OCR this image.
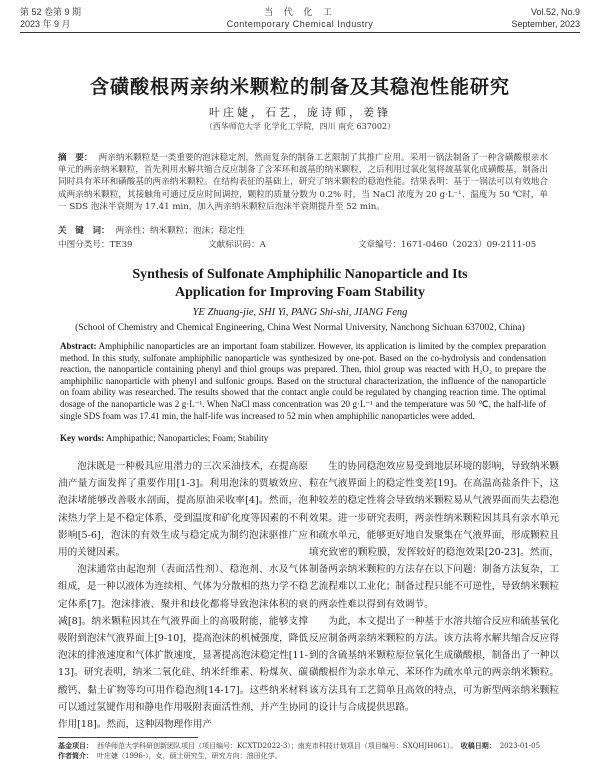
第 52 卷第 9 期
2023 年 9 月
当 代 化 工
Contemporary Chemical Industry
Vol.52, No.9
September, 2023
含磺酸根两亲纳米颗粒的制备及其稳泡性能研究
叶庄婕，石艺，庞诗师，姜锋
（西华师范大学 化学化工学院，四川 南充 637002）
摘　要： 两亲纳米颗粒是一类重要的泡沫稳定剂，然而复杂的制备工艺限制了其推广应用。采用一锅法制备了一种含磺酸根亲水单元的两亲纳米颗粒，首先利用水解共缩合反应制备了含苯环和巯基的纳米颗粒，之后利用过氧化氢将巯基氧化成磺酸基，制备出同时具有苯环和磺酸基的两亲纳米颗粒。在结构表征的基础上，研究了纳米颗粒的稳泡性能。结果表明：基于一锅法可以有效地合成两亲纳米颗粒，其接触角可通过反应时间调控，颗粒的质量分数为 0.2% 时，当 NaCl 浓度为 20 g·L⁻¹、温度为 50 ℃时，单一 SDS 泡沫半衰期为 17.41 min，加入两亲纳米颗粒后泡沫半衰期提升至 52 min。
关　键　词： 两亲性；纳米颗粒；泡沫；稳定性
中图分类号：TE39	文献标识码：A	文章编号：1671-0460（2023）09-2111-05
Synthesis of Sulfonate Amphiphilic Nanoparticle and Its
Application for Improving Foam Stability
YE Zhuang-jie, SHI Yi, PANG Shi-shi, JIANG Feng
(School of Chemistry and Chemical Engineering, China West Normal University, Nanchong Sichuan 637002, China)
Abstract: Amphiphilic nanoparticles are an important foam stabilizer. However, its application is limited by the complex preparation method. In this study, sulfonate amphiphilic nanoparticle was synthesized by one-pot. Based on the co-hydrolysis and condensation reaction, the nanoparticle containing phenyl and thiol groups was prepared. Then, thiol group was reacted with H₂O₂ to prepare the amphiphilic nanoparticle with phenyl and sulfonic groups. Based on the structural characterization, the influence of the nanoparticle on foam ability was researched. The results showed that the contact angle could be regulated by changing reaction time. The optimal dosage of the nanoparticle was 2 g·L⁻¹. When NaCl mass concentration was 20 g·L⁻¹ and the temperature was 50 ℃, the half-life of single SDS foam was 17.41 min, the half-life was increased to 52 min when amphiphilic nanoparticles were added.
Key words: Amphipathic; Nanoparticles; Foam; Stability

泡沫既是一种极具应用潜力的三次采油技术，在提高原油产量方面发挥了重要作用[1-3]。利用泡沫的贾敏效应、泡沫堵能够改善吸水剖面，提高原油采收率[4]。然而，泡沫热力学上是不稳定体系，受到温度和矿化度等因素的不利影响[5-6]，泡沫的有效生成与稳定成为制约泡沫驱推广应用的关键因素。

泡沫通常由起泡剂（表面活性剂）、稳泡剂、水及气体组成，是一种以液体为连续相、气体为分散相的热力学不稳定体系[7]。泡沫排液、聚并和歧化都将导致泡沫体积的衰减[8]。纳米颗粒因其在气液界面上的高吸附能，能够支撑吸附到泡沫气液界面上[9-10]，提高泡沫的机械强度，降低泡沫的排液速度和气体扩散速度，显著提高泡沫稳定性[11-13]。研究表明，纳米二氧化硅、纳米纤维素、粉煤灰、碳酸钙、黏土矿物等均可用作稳泡剂[14-17]。这些纳米材料可以通过氢键作用和静电作用吸附表面活性剂，并产生协同作用[18]。然而，这种因物理作用产

生的协同稳泡效应易受到地层环境的影响，导致纳米颗粒在气液界面上的稳定性变差[19]。在高温高盐条件下，这种较差的稳定性将会导致纳米颗粒易从气液界面而失去稳泡效果。进一步研究表明，两亲性纳米颗粒因其具有亲水单元和疏水单元，能够更好地自发聚集在气液界面，形成颗粒且填充致密的颗粒膜，发挥较好的稳泡效果[20-23]。然而，制备两亲纳米颗粒的方法存在以下问题：制备方法复杂，工艺流程难以工业化；制备过程只能不可逆性，导致纳米颗粒的两亲性难以得到有效调节。

为此，本文提出了一种基于水溶共缩合反应和硫基氧化反应制备两亲纳米颗粒的方法。该方法将水解共缩合反应得到的含硫基纳米颗粒原位氧化生成磺酸根，制备出了一种以磺酸根作为亲水单元、苯环作为疏水单元的两亲纳米颗粒。该方法具有工艺简单且高效的特点，可为新型两亲纳米颗粒的设计与合成提供思路。

基金项目： 西华师范大学科研创新团队项目（项目编号：KCXTD2022-3）；南充市科技计划项目（项目编号：SXQHJH061）。　 收稿日期： 2023-01-05
作者简介： 叶庄婕（1996-），女，硕士研究生，研究方向：油田化学。
